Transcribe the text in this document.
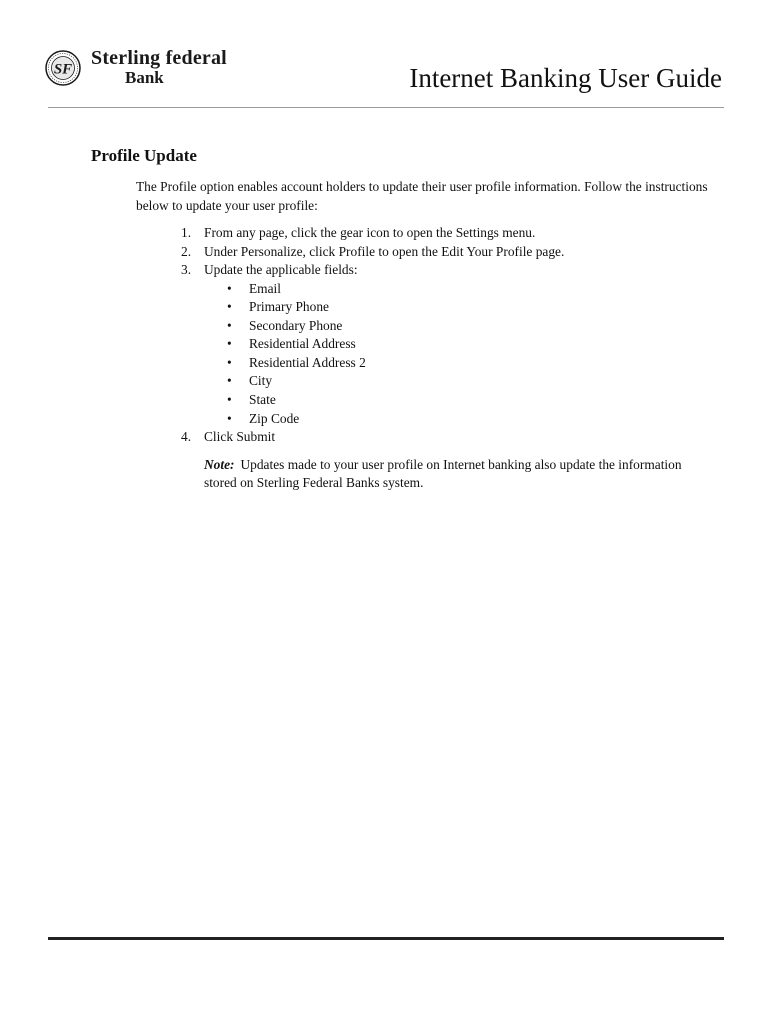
SF
Sterling federal
Bank	Internet Banking User Guide
Profile Update

The Profile option enables account holders to update their user profile information. Follow the instructions below to update your user profile:

1. From any page, click the gear icon to open the Settings menu.
2. Under Personalize, click Profile to open the Edit Your Profile page.
3. Update the applicable fields:
• Email
• Primary Phone
• Secondary Phone
• Residential Address
• Residential Address 2
• City
• State
• Zip Code
4. Click Submit

Note: Updates made to your user profile on Internet banking also update the information stored on Sterling Federal Banks system.
